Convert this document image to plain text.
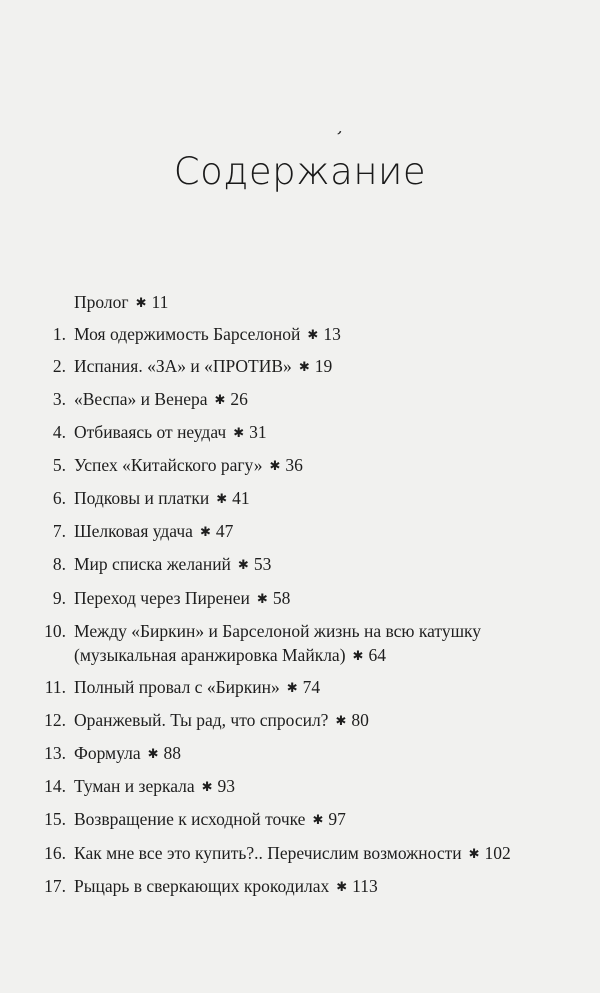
,
Содержание
Пролог ✱ 11
1. Моя одержимость Барселоной ✱ 13
2. Испания. «ЗА» и «ПРОТИВ» ✱ 19
3. «Веспа» и Венера ✱ 26
4. Отбиваясь от неудач ✱ 31
5. Успех «Китайского рагу» ✱ 36
6. Подковы и платки ✱ 41
7. Шелковая удача ✱ 47
8. Мир списка желаний ✱ 53
9. Переход через Пиренеи ✱ 58
10. Между «Биркин» и Барселоной жизнь на всю катушку
(музыкальная аранжировка Майкла) ✱ 64
11. Полный провал с «Биркин» ✱ 74
12. Оранжевый. Ты рад, что спросил? ✱ 80
13. Формула ✱ 88
14. Туман и зеркала ✱ 93
15. Возвращение к исходной точке ✱ 97
16. Как мне все это купить?.. Перечислим возможности ✱ 102
17. Рыцарь в сверкающих крокодилах ✱ 113
